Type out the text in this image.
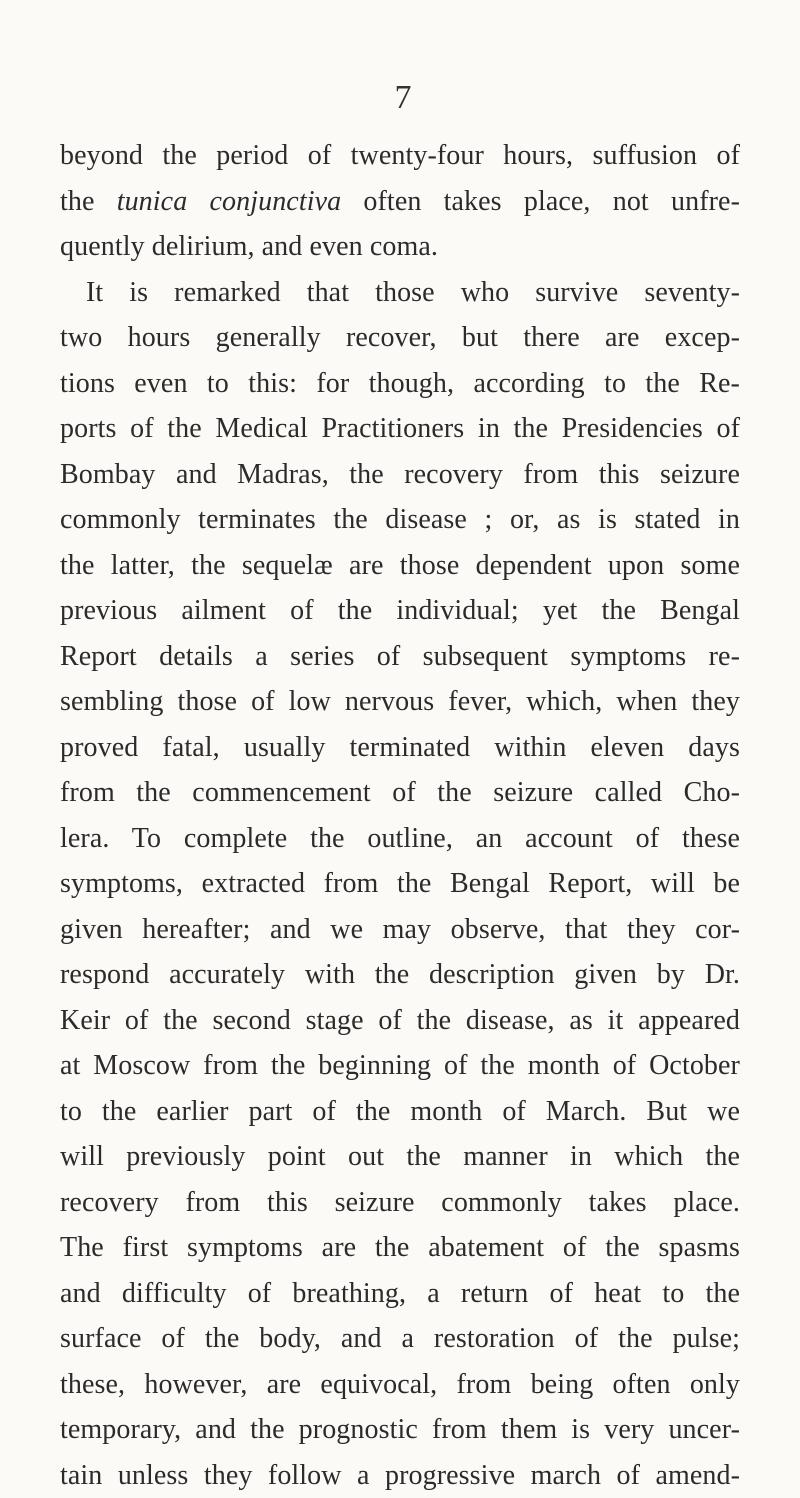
7
beyond the period of twenty-four hours, suffusion of
the tunica conjunctiva often takes place, not unfre-
quently delirium, and even coma.
It is remarked that those who survive seventy-
two hours generally recover, but there are excep-
tions even to this: for though, according to the Re-
ports of the Medical Practitioners in the Presidencies of
Bombay and Madras, the recovery from this seizure
commonly terminates the disease ; or, as is stated in
the latter, the sequelæ are those dependent upon some
previous ailment of the individual; yet the Bengal
Report details a series of subsequent symptoms re-
sembling those of low nervous fever, which, when they
proved fatal, usually terminated within eleven days
from the commencement of the seizure called Cho-
lera. To complete the outline, an account of these
symptoms, extracted from the Bengal Report, will be
given hereafter; and we may observe, that they cor-
respond accurately with the description given by Dr.
Keir of the second stage of the disease, as it appeared
at Moscow from the beginning of the month of October
to the earlier part of the month of March. But we
will previously point out the manner in which the
recovery from this seizure commonly takes place.
The first symptoms are the abatement of the spasms
and difficulty of breathing, a return of heat to the
surface of the body, and a restoration of the pulse;
these, however, are equivocal, from being often only
temporary, and the prognostic from them is very uncer-
tain unless they follow a progressive march of amend-
